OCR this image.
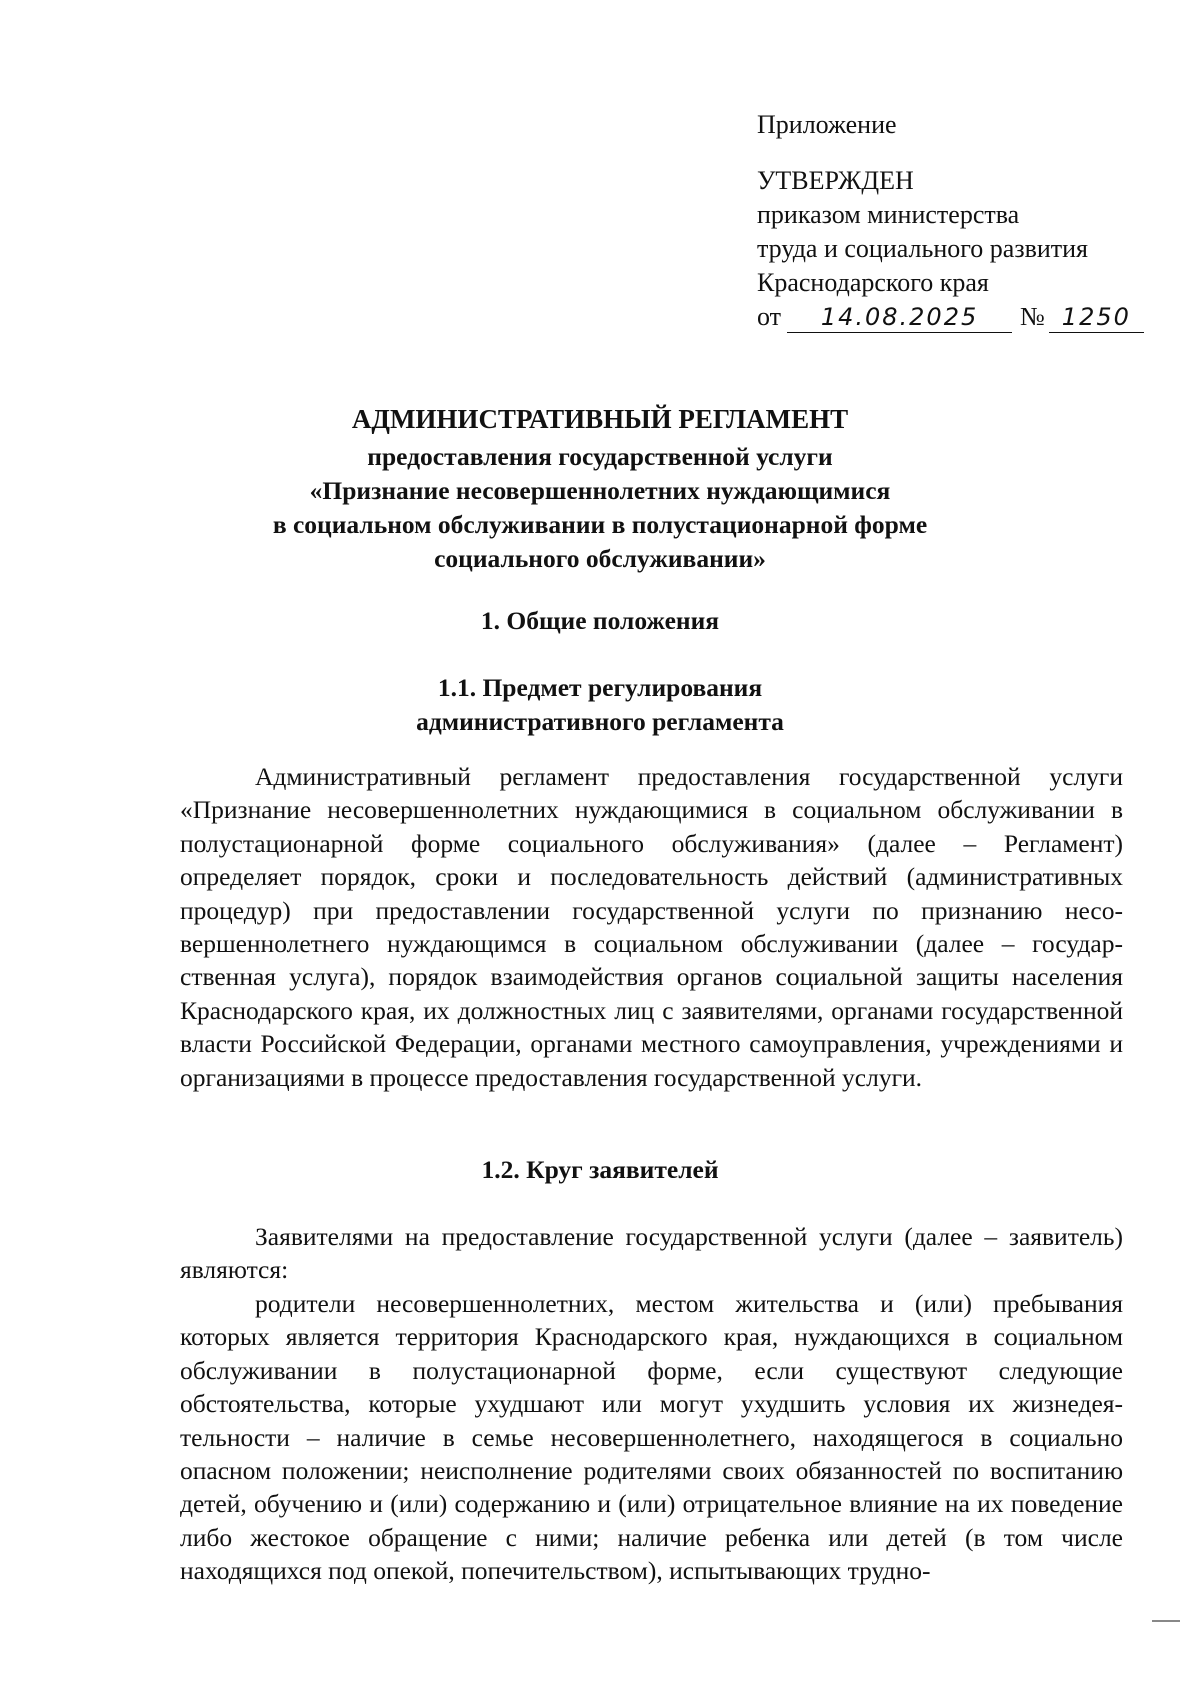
Приложение
УТВЕРЖДЕН
приказом министерства
труда и социального развития
Краснодарского края
от 14.08.2025 № 1250
АДМИНИСТРАТИВНЫЙ РЕГЛАМЕНТ
предоставления государственной услуги
«Признание несовершеннолетних нуждающимися
в социальном обслуживании в полустационарной форме
социального обслуживании»
1. Общие положения
1.1. Предмет регулирования
административного регламента
Административный регламент предоставления государственной услуги «Признание несовершеннолетних нуждающимися в социальном обслуживании в полустационарной форме социального обслуживания» (далее – Регламент) определяет порядок, сроки и последовательность действий (административных процедур) при предоставлении государственной услуги по признанию несовершеннолетнего нуждающимся в социальном обслуживании (далее – государственная услуга), порядок взаимодействия органов социальной защиты населения Краснодарского края, их должностных лиц с заявителями, органами государственной власти Российской Федерации, органами местного самоуправления, учреждениями и организациями в процессе предоставления государственной услуги.
1.2. Круг заявителей
Заявителями на предоставление государственной услуги (далее – заявитель) являются:
родители несовершеннолетних, местом жительства и (или) пребывания которых является территория Краснодарского края, нуждающихся в социальном обслуживании в полустационарной форме, если существуют следующие обстоятельства, которые ухудшают или могут ухудшить условия их жизнедеятельности – наличие в семье несовершеннолетнего, находящегося в социально опасном положении; неисполнение родителями своих обязанностей по воспитанию детей, обучению и (или) содержанию и (или) отрицательное влияние на их поведение либо жестокое обращение с ними; наличие ребенка или детей (в том числе находящихся под опекой, попечительством), испытывающих трудно-
